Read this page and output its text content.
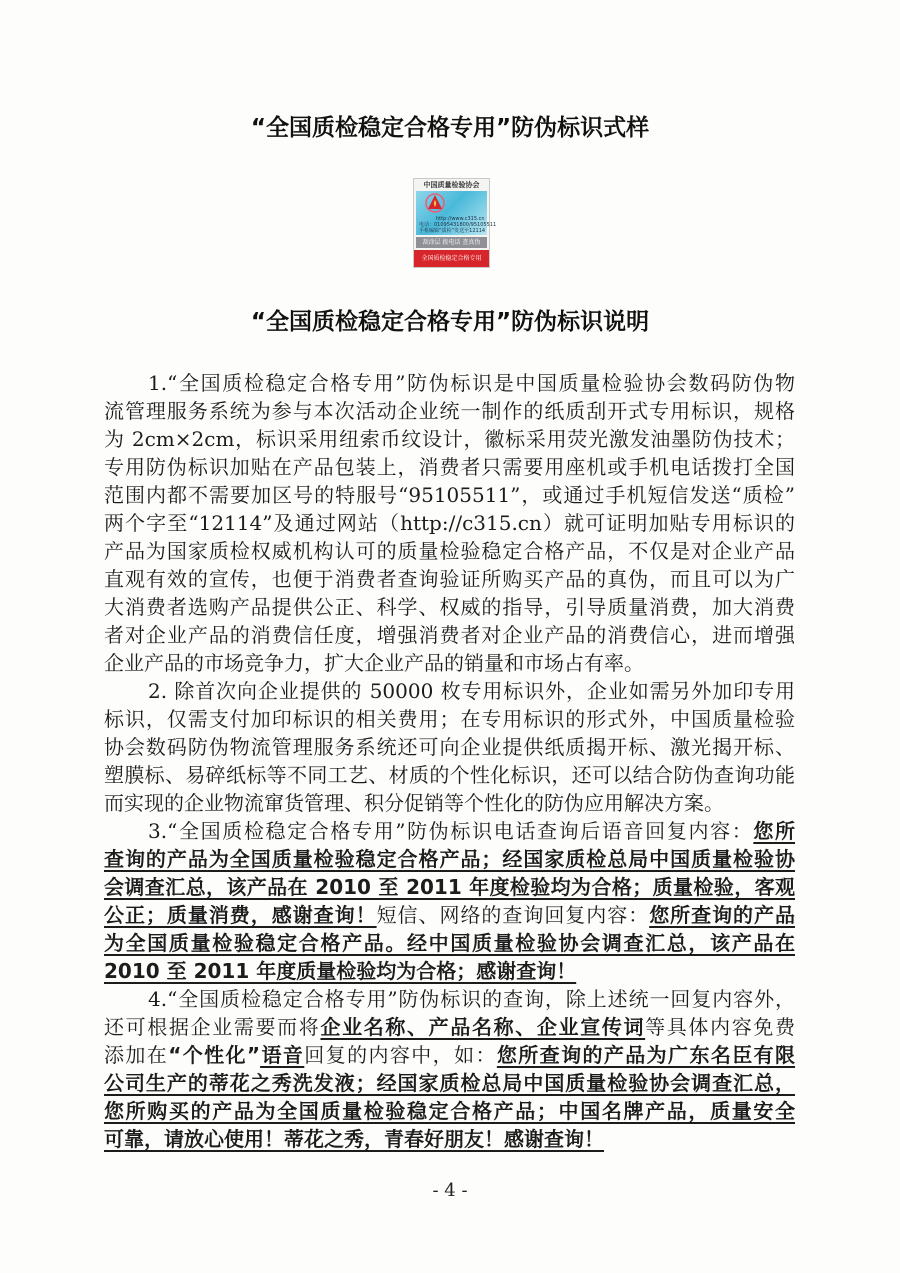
“全国质检稳定合格专用”防伪标识式样
中国质量检验协会
http://www.c315.cn
电话：01095431800/95105511
手机编辑“质检”发送至12114
刮涂层 拨电话 查真伪
全国质检稳定合格专用
“全国质检稳定合格专用”防伪标识说明
1.“全国质检稳定合格专用”防伪标识是中国质量检验协会数码防伪物
流管理服务系统为参与本次活动企业统一制作的纸质刮开式专用标识，规格
为 2cm×2cm，标识采用纽索币纹设计，徽标采用荧光激发油墨防伪技术；
专用防伪标识加贴在产品包装上，消费者只需要用座机或手机电话拨打全国
范围内都不需要加区号的特服号“95105511”，或通过手机短信发送“质检”
两个字至“12114”及通过网站（http://c315.cn）就可证明加贴专用标识的
产品为国家质检权威机构认可的质量检验稳定合格产品，不仅是对企业产品
直观有效的宣传，也便于消费者查询验证所购买产品的真伪，而且可以为广
大消费者选购产品提供公正、科学、权威的指导，引导质量消费，加大消费
者对企业产品的消费信任度，增强消费者对企业产品的消费信心，进而增强
企业产品的市场竞争力，扩大企业产品的销量和市场占有率。
2. 除首次向企业提供的 50000 枚专用标识外，企业如需另外加印专用
标识，仅需支付加印标识的相关费用；在专用标识的形式外，中国质量检验
协会数码防伪物流管理服务系统还可向企业提供纸质揭开标、激光揭开标、
塑膜标、易碎纸标等不同工艺、材质的个性化标识，还可以结合防伪查询功能
而实现的企业物流窜货管理、积分促销等个性化的防伪应用解决方案。
3.“全国质检稳定合格专用”防伪标识电话查询后语音回复内容：您所
查询的产品为全国质量检验稳定合格产品；经国家质检总局中国质量检验协
会调查汇总，该产品在 2010 至 2011 年度检验均为合格；质量检验，客观
公正；质量消费，感谢查询！短信、网络的查询回复内容：您所查询的产品
为全国质量检验稳定合格产品。经中国质量检验协会调查汇总，该产品在
2010 至 2011 年度质量检验均为合格；感谢查询！
4.“全国质检稳定合格专用”防伪标识的查询，除上述统一回复内容外，
还可根据企业需要而将企业名称、产品名称、企业宣传词等具体内容免费
添加在“个性化”语音回复的内容中，如：您所查询的产品为广东名臣有限
公司生产的蒂花之秀洗发液；经国家质检总局中国质量检验协会调查汇总，
您所购买的产品为全国质量检验稳定合格产品；中国名牌产品，质量安全
可靠，请放心使用！蒂花之秀，青春好朋友！感谢查询！
- 4 -
